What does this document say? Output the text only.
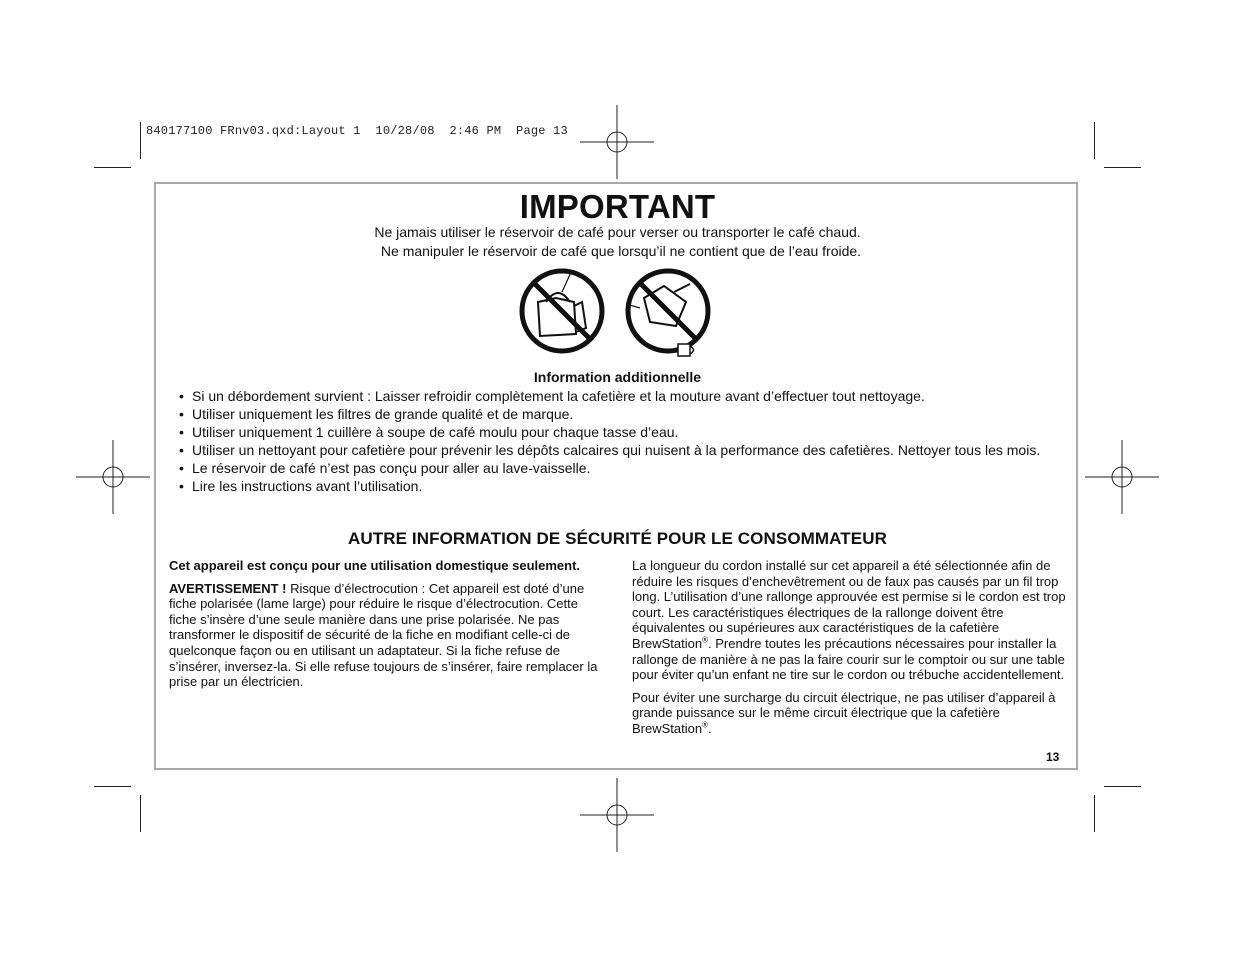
840177100 FRnv03.qxd:Layout 1  10/28/08  2:46 PM  Page 13
IMPORTANT
Ne jamais utiliser le réservoir de café pour verser ou transporter le café chaud.
Ne manipuler le réservoir de café que lorsqu’il ne contient que de l’eau froide.
Information additionnelle
• Si un débordement survient : Laisser refroidir complètement la cafetière et la mouture avant d’effectuer tout nettoyage.
• Utiliser uniquement les filtres de grande qualité et de marque.
• Utiliser uniquement 1 cuillère à soupe de café moulu pour chaque tasse d’eau.
• Utiliser un nettoyant pour cafetière pour prévenir les dépôts calcaires qui nuisent à la performance des cafetières. Nettoyer tous les mois.
• Le réservoir de café n’est pas conçu pour aller au lave-vaisselle.
• Lire les instructions avant l’utilisation.
AUTRE INFORMATION DE SÉCURITÉ POUR LE CONSOMMATEUR

Cet appareil est conçu pour une utilisation domestique seulement.

AVERTISSEMENT ! Risque d’électrocution : Cet appareil est doté d’une fiche polarisée (lame large) pour réduire le risque d’électrocution. Cette fiche s’insère d’une seule manière dans une prise polarisée. Ne pas transformer le dispositif de sécurité de la fiche en modifiant celle-ci de quelconque façon ou en utilisant un adaptateur. Si la fiche refuse de s’insérer, inversez-la. Si elle refuse toujours de s’insérer, faire remplacer la prise par un électricien.

La longueur du cordon installé sur cet appareil a été sélectionnée afin de réduire les risques d’enchevêtrement ou de faux pas causés par un fil trop long. L’utilisation d’une rallonge approuvée est permise si le cordon est trop court. Les caractéristiques électriques de la rallonge doivent être équivalentes ou supérieures aux caractéristiques de la cafetière BrewStation®. Prendre toutes les précautions nécessaires pour installer la rallonge de manière à ne pas la faire courir sur le comptoir ou sur une table pour éviter qu’un enfant ne tire sur le cordon ou trébuche accidentellement.

Pour éviter une surcharge du circuit électrique, ne pas utiliser d’appareil à grande puissance sur le même circuit électrique que la cafetière BrewStation®.

13
